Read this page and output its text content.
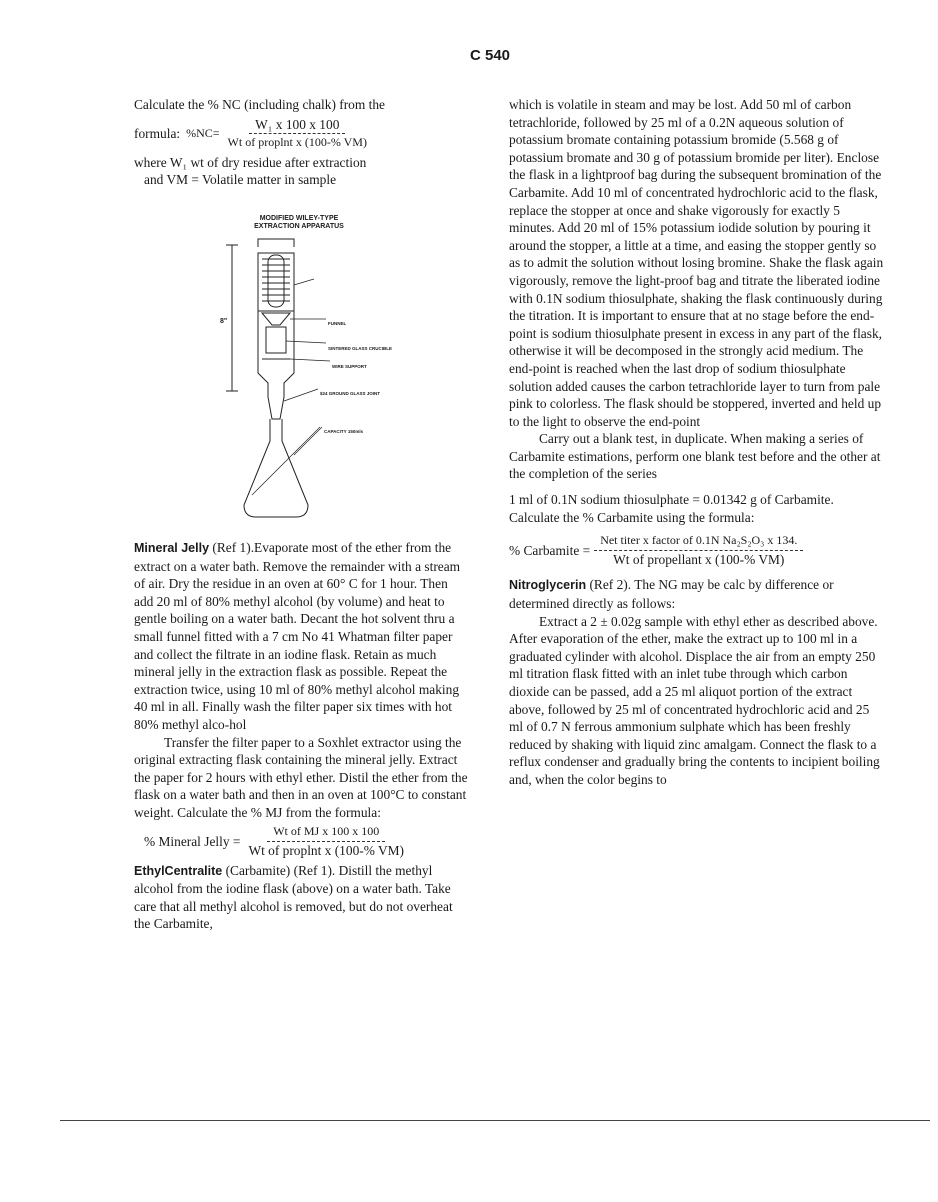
C 540

Calculate the % NC (including chalk) from the

formula: $\%NC= \frac{\text{W₁ x 100 x 100}}{\text{Wt of proplnt x (100-\% VM)}}$

where W₁ wt of dry residue after extraction

and VM = Volatile matter in sample

MODIFIED WILEY-TYPE
EXTRACTION APPARATUS
FUNNEL
SINTERED GLASS CRUCIBLE
WIRE SUPPORT
$24 GROUND GLASS JOINT
CAPACITY 150mls
8"

Mineral Jelly (Ref 1).Evaporate most of the ether from the extract on a water bath. Remove the remainder with a stream of air. Dry the residue in an oven at 60° C for 1 hour. Then add 20 ml of 80% methyl alcohol (by volume) and heat to gentle boiling on a water bath. Decant the hot solvent thru a small funnel fitted with a 7 cm No 41 Whatman filter paper and collect the filtrate in an iodine flask. Retain as much mineral jelly in the extraction flask as possible. Repeat the extraction twice, using 10 ml of 80% methyl alcohol making 40 ml in all. Finally wash the filter paper six times with hot 80% methyl alco-hol

Transfer the filter paper to a Soxhlet extractor using the original extracting flask containing the mineral jelly. Extract the paper for 2 hours with ethyl ether. Distil the ether from the flask on a water bath and then in an oven at 100°C to constant weight. Calculate the % MJ from the formula:

% Mineral Jelly = $\frac{\text{Wt of MJ x 100 x 100}}{\text{Wt of proplnt x (100-\% VM)}}$

EthylCentralite (Carbamite) (Ref 1). Distill the methyl alcohol from the iodine flask (above) on a water bath. Take care that all methyl alcohol is removed, but do not overheat the Carbamite,

which is volatile in steam and may be lost. Add 50 ml of carbon tetrachloride, followed by 25 ml of a 0.2N aqueous solution of potassium bromate containing potassium bromide (5.568 g of potassium bromate and 30 g of potassium bromide per liter). Enclose the flask in a lightproof bag during the subsequent bromination of the Carbamite. Add 10 ml of concentrated hydrochloric acid to the flask, replace the stopper at once and shake vigorously for exactly 5 minutes. Add 20 ml of 15% potassium iodide solution by pouring it around the stopper, a little at a time, and easing the stopper gently so as to admit the solution without losing bromine. Shake the flask again vigorously, remove the light-proof bag and titrate the liberated iodine with 0.1N sodium thiosulphate, shaking the flask continuously during the titration. It is important to ensure that at no stage before the end-point is sodium thiosulphate present in excess in any part of the flask, otherwise it will be decomposed in the strongly acid medium. The end-point is reached when the last drop of sodium thiosulphate solution added causes the carbon tetrachloride layer to turn from pale pink to colorless. The flask should be stoppered, inverted and held up to the light to observe the end-point

Carry out a blank test, in duplicate. When making a series of Carbamite estimations, perform one blank test before and the other at the completion of the series

1 ml of 0.1N sodium thiosulphate = 0.01342 g of Carbamite. Calculate the % Carbamite using the formula:

% Carbamite = $\frac{\text{Net titer x factor of 0.1N Na₂S₂O₃ x 134.}}{\text{Wt of propellant x (100-\% VM)}}$

Nitroglycerin (Ref 2). The NG may be calc by difference or determined directly as follows:

Extract a 2 ± 0.02g sample with ethyl ether as described above. After evaporation of the ether, make the extract up to 100 ml in a graduated cylinder with alcohol. Displace the air from an empty 250 ml titration flask fitted with an inlet tube through which carbon dioxide can be passed, add a 25 ml aliquot portion of the extract above, followed by 25 ml of concentrated hydrochloric acid and 25 ml of 0.7 N ferrous ammonium sulphate which has been freshly reduced by shaking with liquid zinc amalgam. Connect the flask to a reflux condenser and gradually bring the contents to incipient boiling and, when the color begins to
